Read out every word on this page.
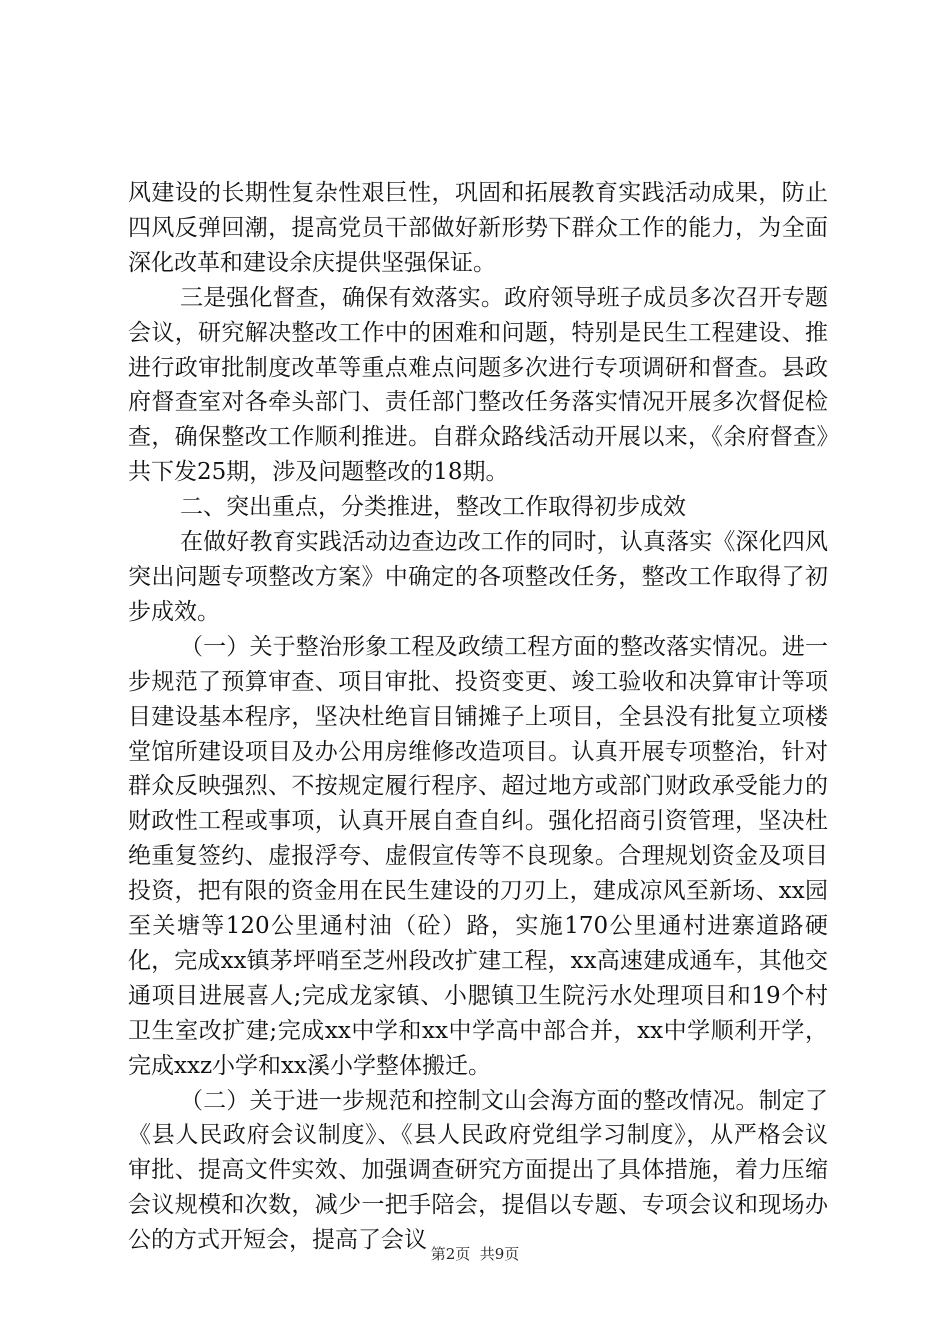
风建设的长期性复杂性艰巨性，巩固和拓展教育实践活动成果，防止四风反弹回潮，提高党员干部做好新形势下群众工作的能力，为全面深化改革和建设余庆提供坚强保证。

三是强化督查，确保有效落实。政府领导班子成员多次召开专题会议，研究解决整改工作中的困难和问题，特别是民生工程建设、推进行政审批制度改革等重点难点问题多次进行专项调研和督查。县政府督查室对各牵头部门、责任部门整改任务落实情况开展多次督促检查，确保整改工作顺利推进。自群众路线活动开展以来，《余府督查》共下发25期，涉及问题整改的18期。

二、突出重点，分类推进，整改工作取得初步成效

在做好教育实践活动边查边改工作的同时，认真落实《深化四风突出问题专项整改方案》中确定的各项整改任务，整改工作取得了初步成效。

（一）关于整治形象工程及政绩工程方面的整改落实情况。进一步规范了预算审查、项目审批、投资变更、竣工验收和决算审计等项目建设基本程序，坚决杜绝盲目铺摊子上项目，全县没有批复立项楼堂馆所建设项目及办公用房维修改造项目。认真开展专项整治，针对群众反映强烈、不按规定履行程序、超过地方或部门财政承受能力的财政性工程或事项，认真开展自查自纠。强化招商引资管理，坚决杜绝重复签约、虚报浮夸、虚假宣传等不良现象。合理规划资金及项目投资，把有限的资金用在民生建设的刀刃上，建成凉风至新场、xx园至关塘等120公里通村油（砼）路，实施170公里通村进寨道路硬化，完成xx镇茅坪哨至芝州段改扩建工程，xx高速建成通车，其他交通项目进展喜人;完成龙家镇、小腮镇卫生院污水处理项目和19个村卫生室改扩建;完成xx中学和xx中学高中部合并，xx中学顺利开学，完成xxz小学和xx溪小学整体搬迁。

（二）关于进一步规范和控制文山会海方面的整改情况。制定了《县人民政府会议制度》、《县人民政府党组学习制度》，从严格会议审批、提高文件实效、加强调查研究方面提出了具体措施，着力压缩会议规模和次数，减少一把手陪会，提倡以专题、专项会议和现场办公的方式开短会，提高了会议

第2页  共9页
